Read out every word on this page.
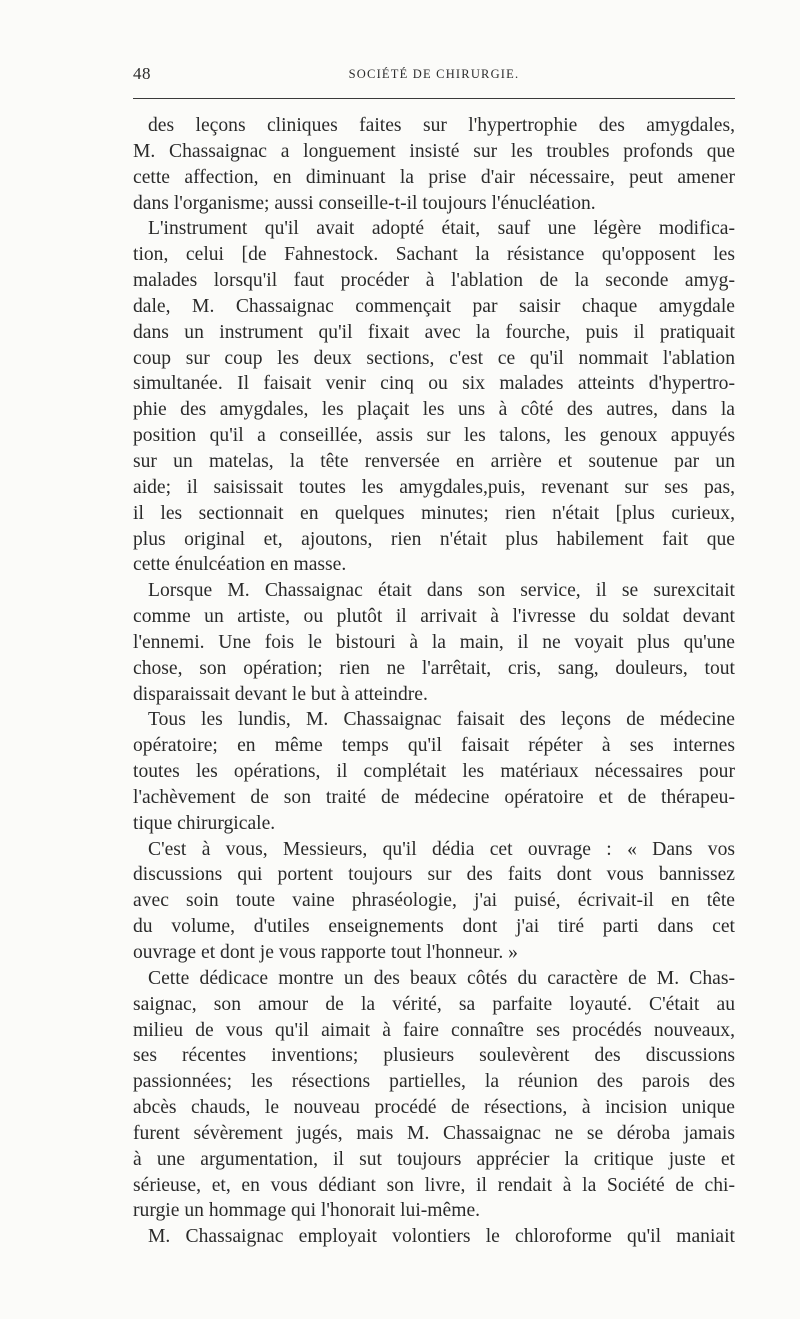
48	SOCIÉTÉ DE CHIRURGIE.
des leçons cliniques faites sur l'hypertrophie des amygdales,
M. Chassaignac a longuement insisté sur les troubles profonds que
cette affection, en diminuant la prise d'air nécessaire, peut amener
dans l'organisme; aussi conseille-t-il toujours l'énucléation.
L'instrument qu'il avait adopté était, sauf une légère modifica-
tion, celui [de Fahnestock. Sachant la résistance qu'opposent les
malades lorsqu'il faut procéder à l'ablation de la seconde amyg-
dale, M. Chassaignac commençait par saisir chaque amygdale
dans un instrument qu'il fixait avec la fourche, puis il pratiquait
coup sur coup les deux sections, c'est ce qu'il nommait l'ablation
simultanée. Il faisait venir cinq ou six malades atteints d'hypertro-
phie des amygdales, les plaçait les uns à côté des autres, dans la
position qu'il a conseillée, assis sur les talons, les genoux appuyés
sur un matelas, la tête renversée en arrière et soutenue par un
aide; il saisissait toutes les amygdales,puis, revenant sur ses pas,
il les sectionnait en quelques minutes; rien n'était [plus curieux,
plus original et, ajoutons, rien n'était plus habilement fait que
cette énulcéation en masse.
Lorsque M. Chassaignac était dans son service, il se surexcitait
comme un artiste, ou plutôt il arrivait à l'ivresse du soldat devant
l'ennemi. Une fois le bistouri à la main, il ne voyait plus qu'une
chose, son opération; rien ne l'arrêtait, cris, sang, douleurs, tout
disparaissait devant le but à atteindre.
Tous les lundis, M. Chassaignac faisait des leçons de médecine
opératoire; en même temps qu'il faisait répéter à ses internes
toutes les opérations, il complétait les matériaux nécessaires pour
l'achèvement de son traité de médecine opératoire et de thérapeu-
tique chirurgicale.
C'est à vous, Messieurs, qu'il dédia cet ouvrage : « Dans vos
discussions qui portent toujours sur des faits dont vous bannissez
avec soin toute vaine phraséologie, j'ai puisé, écrivait-il en tête
du volume, d'utiles enseignements dont j'ai tiré parti dans cet
ouvrage et dont je vous rapporte tout l'honneur. »
Cette dédicace montre un des beaux côtés du caractère de M. Chas-
saignac, son amour de la vérité, sa parfaite loyauté. C'était au
milieu de vous qu'il aimait à faire connaître ses procédés nouveaux,
ses récentes inventions; plusieurs soulevèrent des discussions
passionnées; les résections partielles, la réunion des parois des
abcès chauds, le nouveau procédé de résections, à incision unique
furent sévèrement jugés, mais M. Chassaignac ne se déroba jamais
à une argumentation, il sut toujours apprécier la critique juste et
sérieuse, et, en vous dédiant son livre, il rendait à la Société de chi-
rurgie un hommage qui l'honorait lui-même.
M. Chassaignac employait volontiers le chloroforme qu'il maniait
